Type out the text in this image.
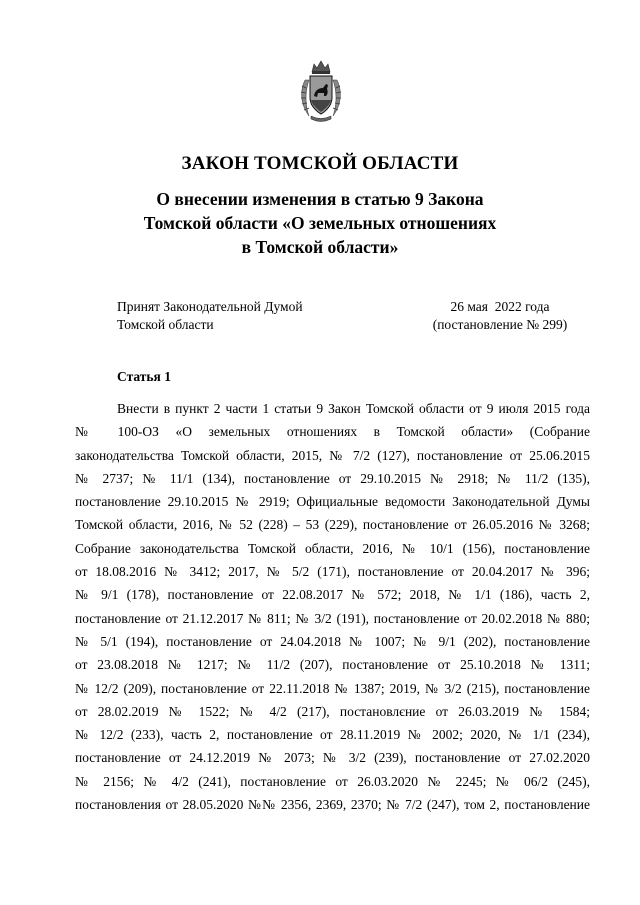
ЗАКОН ТОМСКОЙ ОБЛАСТИ
О внесении изменения в статью 9 Закона
Томской области «О земельных отношениях
в Томской области»
Принят Законодательной Думой
Томской области
26 мая  2022 года
(постановление № 299)
Статья 1
Внести в пункт 2 части 1 статьи 9 Закон Томской области от 9 июля 2015 года
№ 100-ОЗ «О земельных отношениях в Томской области» (Собрание
законодательства Томской области, 2015, № 7/2 (127), постановление от 25.06.2015
№ 2737; № 11/1 (134), постановление от 29.10.2015 № 2918; № 11/2 (135),
постановление 29.10.2015 № 2919; Официальные ведомости Законодательной Думы
Томской области, 2016, № 52 (228) – 53 (229), постановление от 26.05.2016 № 3268;
Собрание законодательства Томской области, 2016, № 10/1 (156), постановление
от 18.08.2016 № 3412; 2017, № 5/2 (171), постановление от 20.04.2017 № 396;
№ 9/1 (178), постановление от 22.08.2017 № 572; 2018, № 1/1 (186), часть 2,
постановление от 21.12.2017 № 811; № 3/2 (191), постановление от 20.02.2018 № 880;
№ 5/1 (194), постановление от 24.04.2018 № 1007; № 9/1 (202), постановление
от 23.08.2018 № 1217; № 11/2 (207), постановление от 25.10.2018 № 1311;
№ 12/2 (209), постановление от 22.11.2018 № 1387; 2019, № 3/2 (215), постановление
от 28.02.2019 № 1522; № 4/2 (217), постановлєние от 26.03.2019 № 1584;
№ 12/2 (233), часть 2, постановление от 28.11.2019 № 2002; 2020, № 1/1 (234),
постановление от 24.12.2019 № 2073; № 3/2 (239), постановление от 27.02.2020
№ 2156; № 4/2 (241), постановление от 26.03.2020 № 2245; № 06/2 (245),
постановления от 28.05.2020 №№ 2356, 2369, 2370; № 7/2 (247), том 2, постановление
